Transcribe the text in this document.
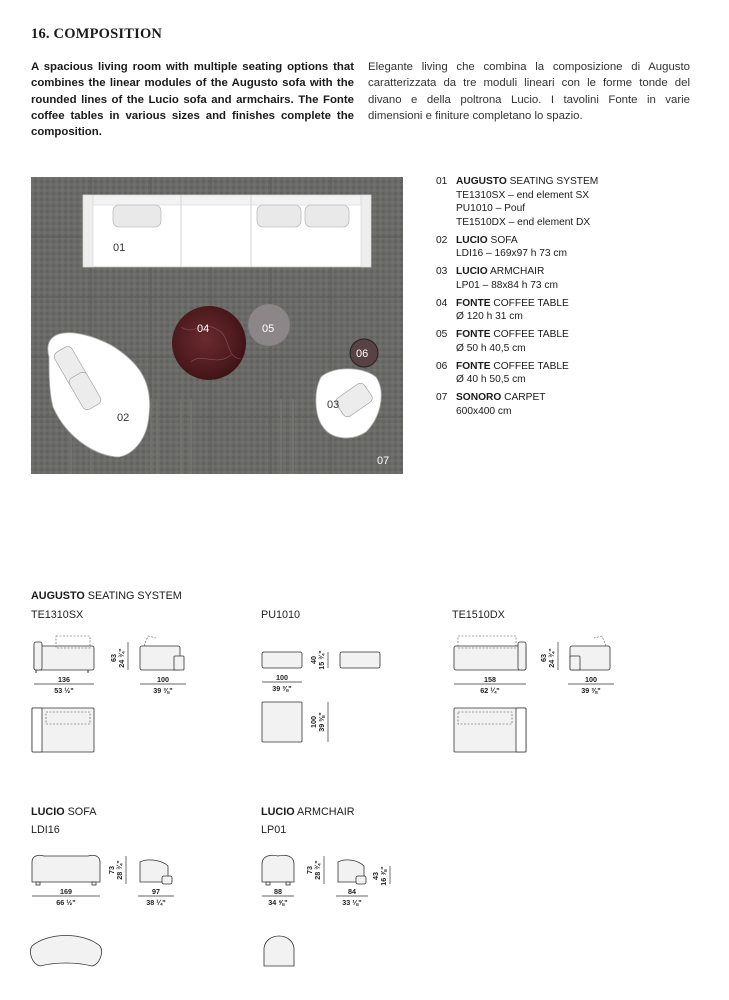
16. COMPOSITION
A spacious living room with multiple seating options that combines the linear modules of the Augusto sofa with the rounded lines of the Lucio sofa and armchairs. The Fonte coffee tables in various sizes and finishes complete the composition.
Elegante living che combina la composizione di Augusto caratterizzata da tre moduli lineari con le forme tonde del divano e della poltrona Lucio. I tavolini Fonte in varie dimensioni e finiture completano lo spazio.
01
02
03
04	05
06
07
01 AUGUSTO SEATING SYSTEM
TE1310SX – end element SX
PU1010 – Pouf
TE1510DX – end element DX
02 LUCIO SOFA
LDI16 – 169x97 h 73 cm
03 LUCIO ARMCHAIR
LP01 – 88x84 h 73 cm
04 FONTE COFFEE TABLE
Ø 120 h 31 cm
05 FONTE COFFEE TABLE
Ø 50 h 40,5 cm
06 FONTE COFFEE TABLE
Ø 40 h 50,5 cm
07 SONORO CARPET
600x400 cm
AUGUSTO SEATING SYSTEM
TE1310SX	PU1010	TE1510DX
136
53 ½"
100
39 ⅜"
63 24 ¾"
100
39 ⅜"
40 15 ¾"
100 39 ⅜"
158
62 ¼"
100
39 ⅜"
63 24 ¾"
LUCIO SOFA
LDI16
169
66 ½"
97
38 ¼"
73 28 ¾"
LUCIO ARMCHAIR
LP01
88
34 ⅝"
84
33 ⅛"
73 28 ¾"	43 16 ⅞"
